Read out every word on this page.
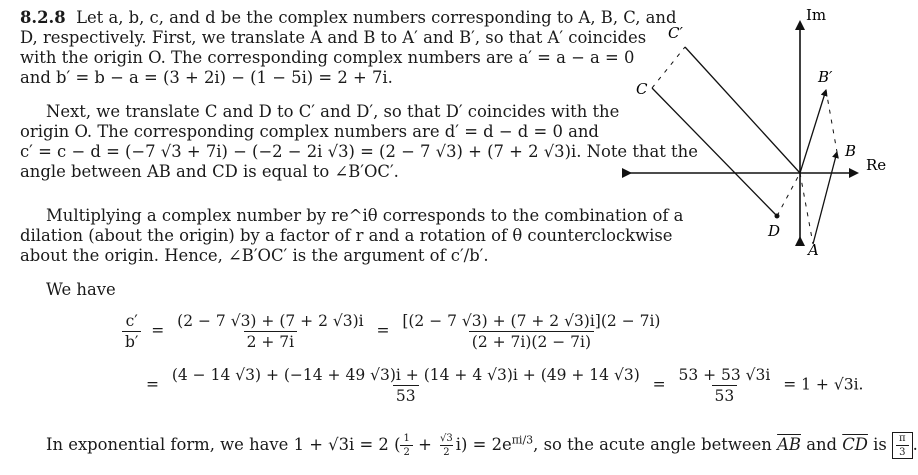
8.2.8 Let a, b, c, and d be the complex numbers corresponding to A, B, C, and
D, respectively. First, we translate A and B to A′ and B′, so that A′ coincides
with the origin O. The corresponding complex numbers are a′ = a − a = 0
and b′ = b − a = (3 + 2i) − (1 − 5i) = 2 + 7i.
Next, we translate C and D to C′ and D′, so that D′ coincides with the
origin O. The corresponding complex numbers are d′ = d − d = 0 and
c′ = c − d = (−7 √3 + 7i) − (−2 − 2i √3) = (2 − 7 √3) + (7 + 2 √3)i. Note that the
angle between AB and CD is equal to ∠B′OC′.
Multiplying a complex number by re^iθ corresponds to the combination of a
dilation (about the origin) by a factor of r and a rotation of θ counterclockwise
about the origin. Hence, ∠B′OC′ is the argument of c′/b′.
We have
$\frac{c'}{b'} = \frac{(2 - 7 √3) + (7 + 2 √3)i}{2 + 7i} = \frac{[(2 - 7 √3) + (7 + 2 √3)i](2 - 7i)}{(2 + 7i)(2 - 7i)}$
= $\frac{(4 - 14 √3) + (-14 + 49 √3)i + (14 + 4 √3)i + (49 + 14 √3)}{53} = \frac{53 + 53 √3i}{53} = 1 + √3i$.
In exponential form, we have 1 + √3i = 2 ( $\frac{1}{2} + \frac{√3}{2} i) = 2e^{\pi i/3}$, so the acute angle between $\overline{AB}$ and $\overline{CD}$ is $\frac{\pi}{3}$ .
Im
Re
C′
C
B′
B
D
A
